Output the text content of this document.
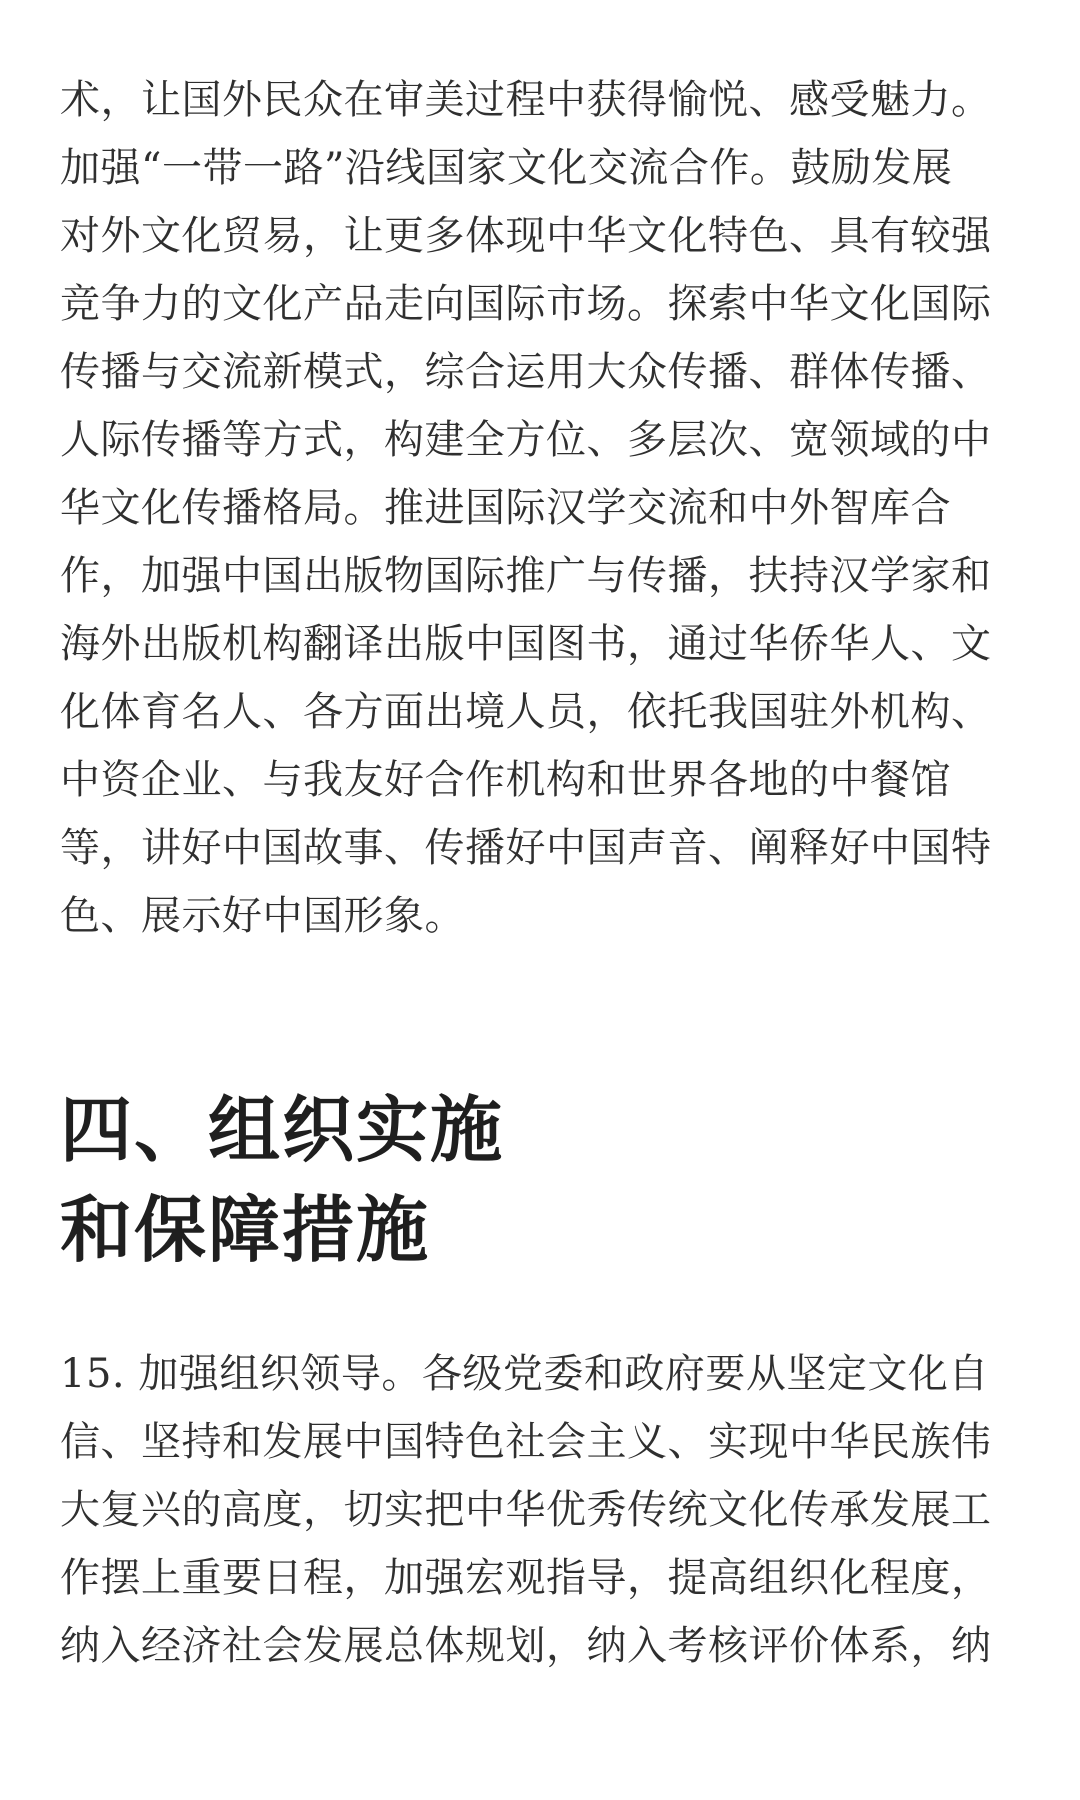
术，让国外民众在审美过程中获得愉悦、感受魅力。
加强“一带一路”沿线国家文化交流合作。鼓励发展
对外文化贸易，让更多体现中华文化特色、具有较强
竞争力的文化产品走向国际市场。探索中华文化国际
传播与交流新模式，综合运用大众传播、群体传播、
人际传播等方式，构建全方位、多层次、宽领域的中
华文化传播格局。推进国际汉学交流和中外智库合
作，加强中国出版物国际推广与传播，扶持汉学家和
海外出版机构翻译出版中国图书，通过华侨华人、文
化体育名人、各方面出境人员，依托我国驻外机构、
中资企业、与我友好合作机构和世界各地的中餐馆
等，讲好中国故事、传播好中国声音、阐释好中国特
色、展示好中国形象。
四、组织实施
和保障措施
15. 加强组织领导。各级党委和政府要从坚定文化自
信、坚持和发展中国特色社会主义、实现中华民族伟
大复兴的高度，切实把中华优秀传统文化传承发展工
作摆上重要日程，加强宏观指导，提高组织化程度，
纳入经济社会发展总体规划，纳入考核评价体系，纳
